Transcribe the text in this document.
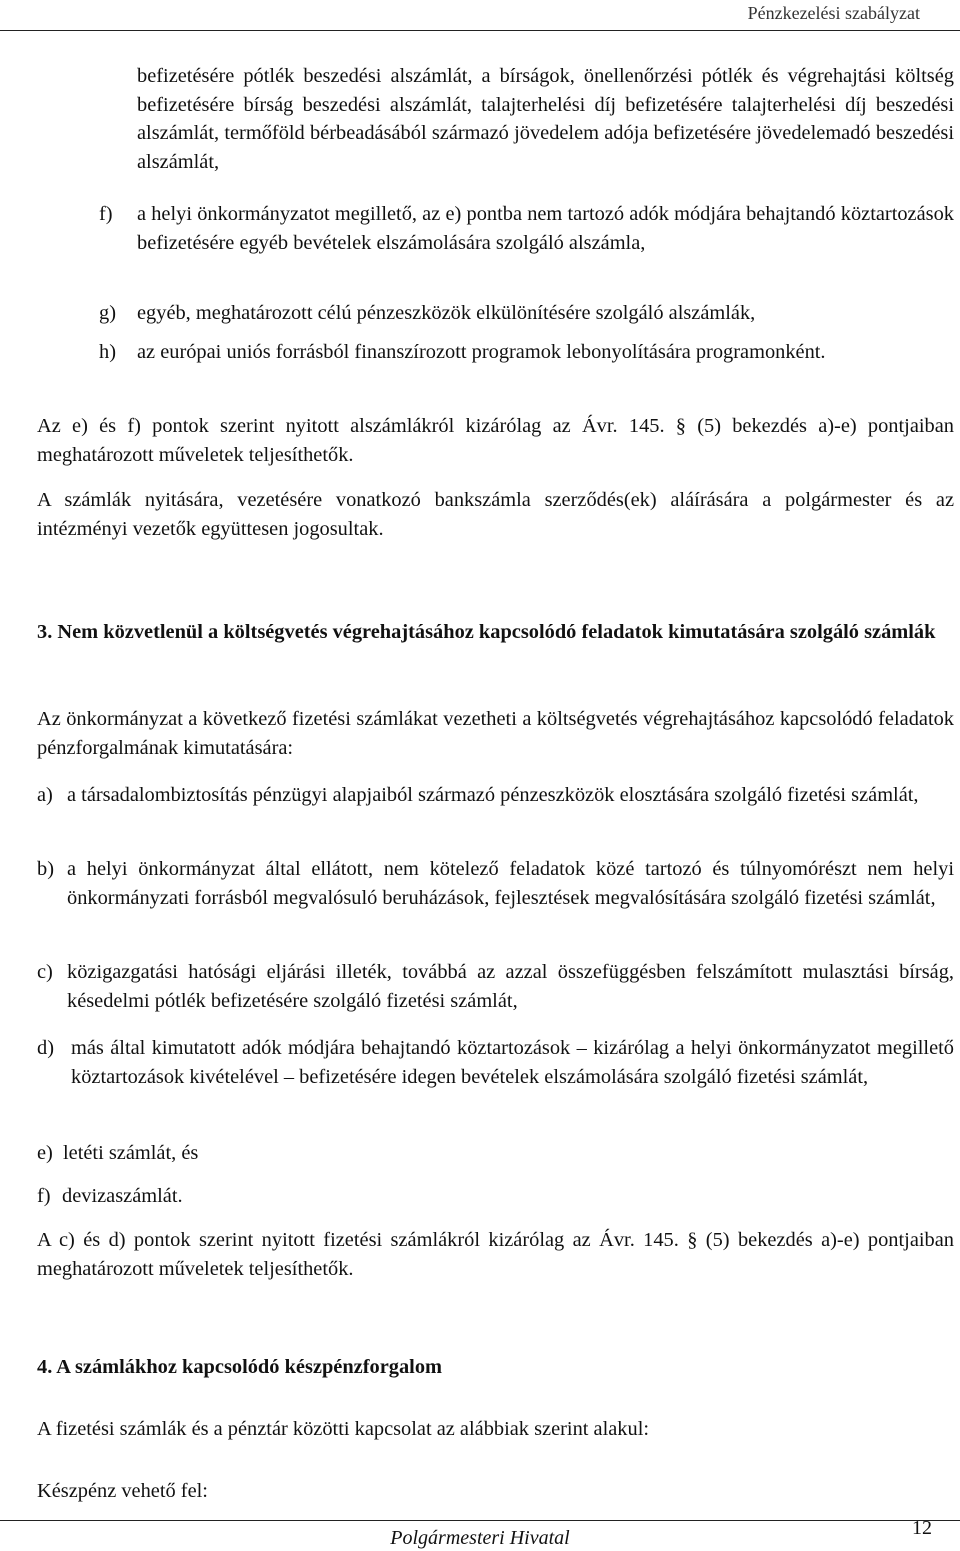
Pénzkezelési szabályzat

befizetésére pótlék beszedési alszámlát, a bírságok, önellenőrzési pótlék és végrehajtási költség befizetésére bírság beszedési alszámlát, talajterhelési díj befizetésére talajterhelési díj beszedési alszámlát, termőföld bérbeadásából származó jövedelem adója befizetésére jövedelemadó beszedési alszámlát,

f) a helyi önkormányzatot megillető, az e) pontba nem tartozó adók módjára behajtandó köztartozások befizetésére egyéb bevételek elszámolására szolgáló alszámla,
g) egyéb, meghatározott célú pénzeszközök elkülönítésére szolgáló alszámlák,
h) az európai uniós forrásból finanszírozott programok lebonyolítására programonként.

Az e) és f) pontok szerint nyitott alszámlákról kizárólag az Ávr. 145. § (5) bekezdés a)-e) pontjaiban meghatározott műveletek teljesíthetők.

A számlák nyitására, vezetésére vonatkozó bankszámla szerződés(ek) aláírására a polgármester és az intézményi vezetők együttesen jogosultak.

3. Nem közvetlenül a költségvetés végrehajtásához kapcsolódó feladatok kimutatására szolgáló számlák

Az önkormányzat a következő fizetési számlákat vezetheti a költségvetés végrehajtásához kapcsolódó feladatok pénzforgalmának kimutatására:

a) a társadalombiztosítás pénzügyi alapjaiból származó pénzeszközök elosztására szolgáló fizetési számlát,
b) a helyi önkormányzat által ellátott, nem kötelező feladatok közé tartozó és túlnyomórészt nem helyi önkormányzati forrásból megvalósuló beruházások, fejlesztések megvalósítására szolgáló fizetési számlát,
c) közigazgatási hatósági eljárási illeték, továbbá az azzal összefüggésben felszámított mulasztási bírság, késedelmi pótlék befizetésére szolgáló fizetési számlát,
d) más által kimutatott adók módjára behajtandó köztartozások – kizárólag a helyi önkormányzatot megillető köztartozások kivételével – befizetésére idegen bevételek elszámolására szolgáló fizetési számlát,
e) letéti számlát, és
f) devizaszámlát.

A c) és d) pontok szerint nyitott fizetési számlákról kizárólag az Ávr. 145. § (5) bekezdés a)-e) pontjaiban meghatározott műveletek teljesíthetők.

4. A számlákhoz kapcsolódó készpénzforgalom

A fizetési számlák és a pénztár közötti kapcsolat az alábbiak szerint alakul:

Készpénz vehető fel:

Polgármesteri Hivatal	12
